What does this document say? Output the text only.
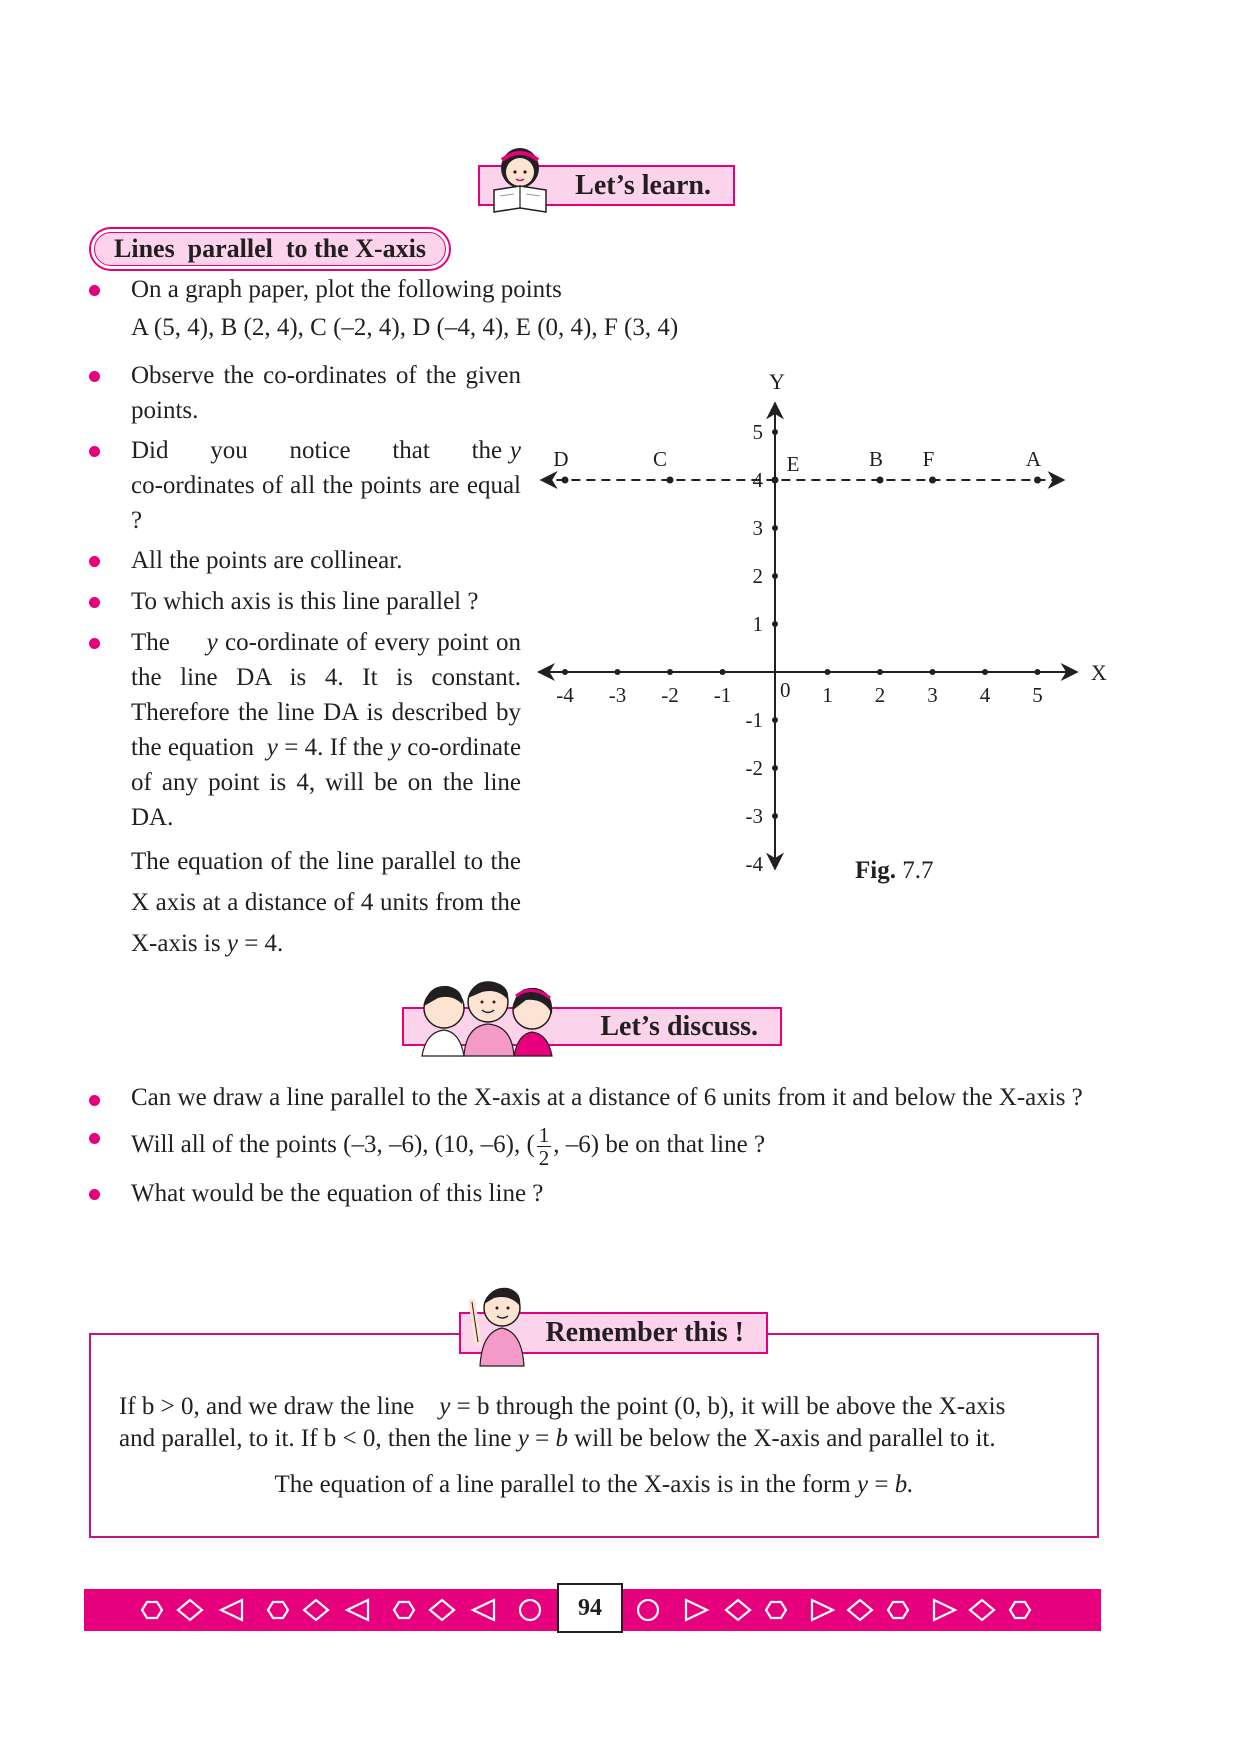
Let’s learn.
Lines  parallel  to the X-axis
On a graph paper, plot the following points
A (5, 4), B (2, 4), C (–2, 4), D (–4, 4), E (0, 4), F (3, 4)
Observe the co-ordinates of the given points.
Did you notice that the y co-ordinates of all the points are equal ?
All the points are collinear.
To which axis is this line parallel ?
The y co-ordinate of every point on the line DA is 4. It is constant. Therefore the line DA is described by the equation y = 4. If the y co-ordinate of any point is 4, will be on the line DA.
The equation of the line parallel to the X axis at a distance of 4 units from the X-axis is y = 4.
X
Y
0
-4 -3 -2 -1	1 2 3 4 5
-4
-3
-2
-1
1
2
3
4
5
A
B
C
D	E	F
Fig. 7.7
Let’s discuss.
Can we draw a line parallel to the X-axis at a distance of 6 units from it and below the X-axis ?
Will all of the points (–3, –6), (10, –6), ( $\frac{1}{2}$ , –6) be on that line ?
What would be the equation of this line ?
If b > 0, and we draw the line y = b through the point (0, b), it will be above the X-axis
and parallel, to it. If b < 0, then the line y = b will be below the X-axis and parallel to it.
The equation of a line parallel to the X-axis is in the form y = b.
Remember this !
94
